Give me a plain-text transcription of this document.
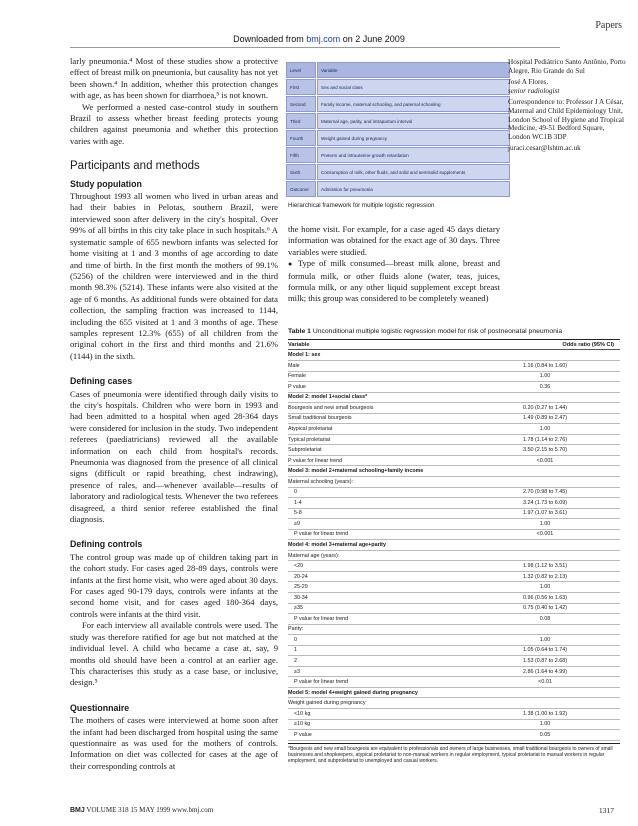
Papers
Downloaded from bmj.com on 2 June 2009

larly pneumonia.⁴ Most of these studies show a protective effect of breast milk on pneumonia, but causality has not yet been shown.⁴ In addition, whether this protection changes with age, as has been shown for diarrhoea,⁵ is not known.

We performed a nested case-control study in southern Brazil to assess whether breast feeding protects young children against pneumonia and whether this protection varies with age.

Participants and methods
Study population

Throughout 1993 all women who lived in urban areas and had their babies in Pelotas, southern Brazil, were interviewed soon after delivery in the city's hospital. Over 99% of all births in this city take place in such hospitals.⁶ A systematic sample of 655 newborn infants was selected for home visiting at 1 and 3 months of age according to date and time of birth. In the first month the mothers of 99.1% (5256) of the children were interviewed and in the third month 98.3% (5214). These infants were also visited at the age of 6 months. As additional funds were obtained for data collection, the sampling fraction was increased to 1144, including the 655 visited at 1 and 3 months of age. These samples represent 12.3% (655) of all children from the original cohort in the first and third months and 21.6% (1144) in the sixth.

Defining cases

Cases of pneumonia were identified through daily visits to the city's hospitals. Children who were born in 1993 and had been admitted to a hospital when aged 28-364 days were considered for inclusion in the study. Two independent referees (paediatricians) reviewed all the available information on each child from hospital's records. Pneumonia was diagnosed from the presence of all clinical signs (difficult or rapid breathing, chest indrawing), presence of rales, and—whenever available—results of laboratory and radiological tests. Whenever the two referees disagreed, a third senior referee established the final diagnosis.

Defining controls

The control group was made up of children taking part in the cohort study. For cases aged 28-89 days, controls were infants at the first home visit, who were aged about 30 days. For cases aged 90-179 days, controls were infants at the second home visit, and for cases aged 180-364 days, controls were infants at the third visit.

For each interview all available controls were used. The study was therefore ratified for age but not matched at the individual level. A child who became a case at, say, 9 months old should have been a control at an earlier age. This characterises this study as a case base, or inclusive, design.⁵

Questionnaire

The mothers of cases were interviewed at home soon after the infant had been discharged from hospital using the same questionnaire as was used for the mothers of controls. Information on diet was collected for cases at the age of their corresponding controls at

Level	Variable
First	Sex and social class
Second	Family income, maternal schooling, and paternal schooling
Third	Maternal age, parity, and intrapartum interval
Fourth	Weight gained during pregnancy
Fifth	Preterm and intrauterine growth retardation
Sixth	Consumption of milk, other fluids, and solid and semisolid supplements
Outcome	Admission for pneumonia
Hierarchical framework for multiple logistic regression

the home visit. For example, for a case aged 45 days dietary information was obtained for the exact age of 30 days. Three variables were studied.

● Type of milk consumed—breast milk alone, breast and formula milk, or other fluids alone (water, teas, juices, formula milk, or any other liquid supplement except breast milk; this group was considered to be completely weaned)

Hospital Pediátrico Santo Antônio, Porto Alegre, Rio Grande do Sul

José A Flores,

senior radiologist

Correspondence to: Professor J A César, Maternal and Child Epidemiology Unit, London School of Hygiene and Tropical Medicine, 49-51 Bedford Square, London WC1B 3DP

juraci.cesar@lshtm.ac.uk

Table 1 Unconditional multiple logistic regression model for risk of postneonatal pneumonia
Variable	Odds ratio (95% CI)
Model 1: sex
Male	1.16 (0.84 to 1.60)
Female	1.00
P value	0.36
Model 2: model 1+social class*
Bourgeois and new small bourgeois	0.20 (0.27 to 1.44)
Small traditional bourgeois	1.49 (0.89 to 2.47)
Atypical proletariat	1.00
Typical proletariat	1.78 (1.14 to 2.76)
Subproletariat	3.50 (2.15 to 5.70)
P value for linear trend	<0.001
Model 3: model 2+maternal schooling+family income
Maternal schooling (years):
0	2.70 (0.98 to 7.45)
1-4	3.24 (1.73 to 6.09)
5-8	1.97 (1.07 to 3.61)
≥9	1.00
P value for linear trend	<0.001
Model 4: model 3+maternal age+parity
Maternal age (years):
<20	1.98 (1.12 to 3.51)
20-24	1.32 (0.82 to 2.13)
25-29	1.00
30-34	0.96 (0.56 to 1.63)
≥35	0.75 (0.40 to 1.42)
P value for linear trend	0.08
Parity:
0	1.00
1	1.05 (0.64 to 1.74)
2	1.53 (0.87 to 2.68)
≥3	2.86 (1.64 to 4.99)
P value for linear trend	<0.01
Model 5: model 4+weight gained during pregnancy
Weight gained during pregnancy
<10 kg	1.38 (1.00 to 1.92)
≥10 kg	1.00
P value	0.05
*Bourgeois and new small bourgeois are equivalent to professionals and owners of large businesses, small traditional bourgeois to owners of small businesses and shopkeepers, atypical proletariat to non-manual workers in regular employment, typical proletariat to manual workers in regular employment, and subproletariat to unemployed and casual workers.
BMJ VOLUME 318 15 MAY 1999 www.bmj.com	1317
